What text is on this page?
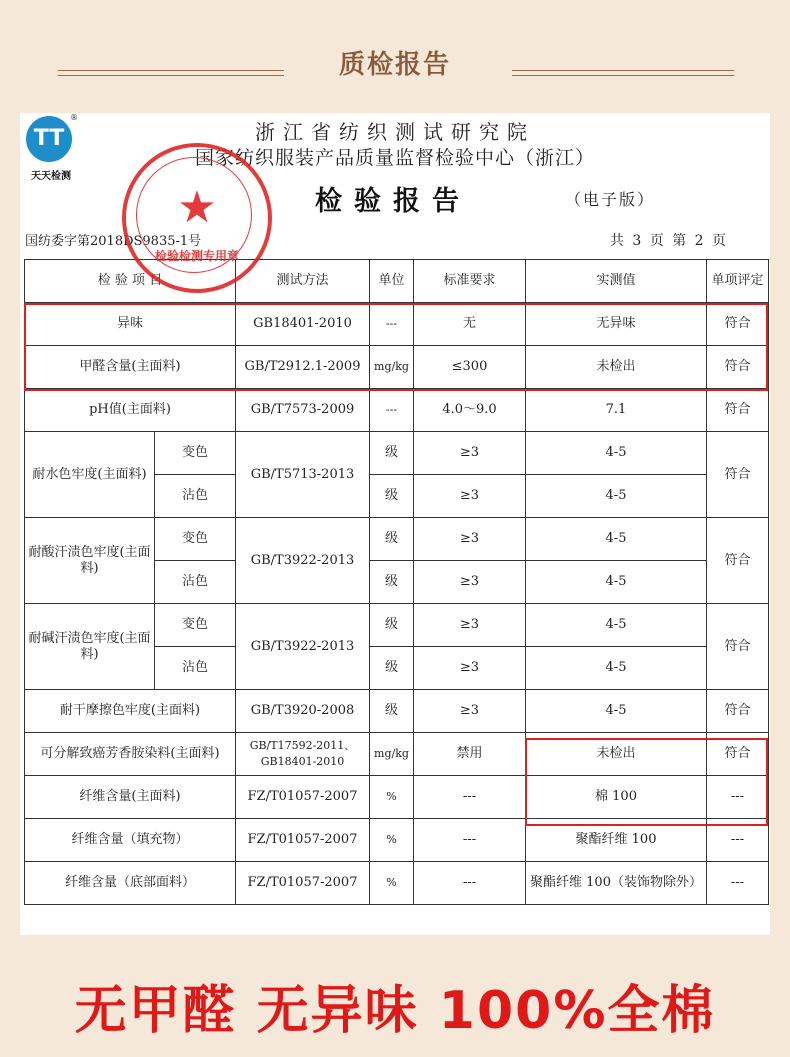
质检报告
TT
®
天天检测
浙江省纺织测试研究院
国家纺织服装产品质量监督检验中心（浙江）
检验报告	（电子版）
国纺委字第2018DS9835-1号	共 3 页 第 2 页
检 验 项 目		测试方法	单位	标准要求	实测值	单项评定
异味		GB18401-2010	---	无	无异味	符合
甲醛含量(主面料)		GB/T2912.1-2009	mg/kg	≤300	未检出	符合
pH值(主面料)		GB/T7573-2009	---	4.0～9.0	7.1	符合
耐水色牢度(主面料)	变色	GB/T5713-2013	级	≥3	4-5	符合
	沾色		级	≥3	4-5	
耐酸汗渍色牢度(主面料)	变色	GB/T3922-2013	级	≥3	4-5	符合
	沾色		级	≥3	4-5	
耐碱汗渍色牢度(主面料)	变色	GB/T3922-2013	级	≥3	4-5	符合
	沾色		级	≥3	4-5	
耐干摩擦色牢度(主面料)		GB/T3920-2008	级	≥3	4-5	符合
可分解致癌芳香胺染料(主面料)		GB/T17592-2011、GB18401-2010	mg/kg	禁用	未检出	符合
纤维含量(主面料)		FZ/T01057-2007	%	---	棉 100	---
纤维含量（填充物）		FZ/T01057-2007	%	---	聚酯纤维 100	---
纤维含量（底部面料）		FZ/T01057-2007	%	---	聚酯纤维 100（装饰物除外）	---
★
检验检测专用章
无甲醛 无异味 100%全棉
